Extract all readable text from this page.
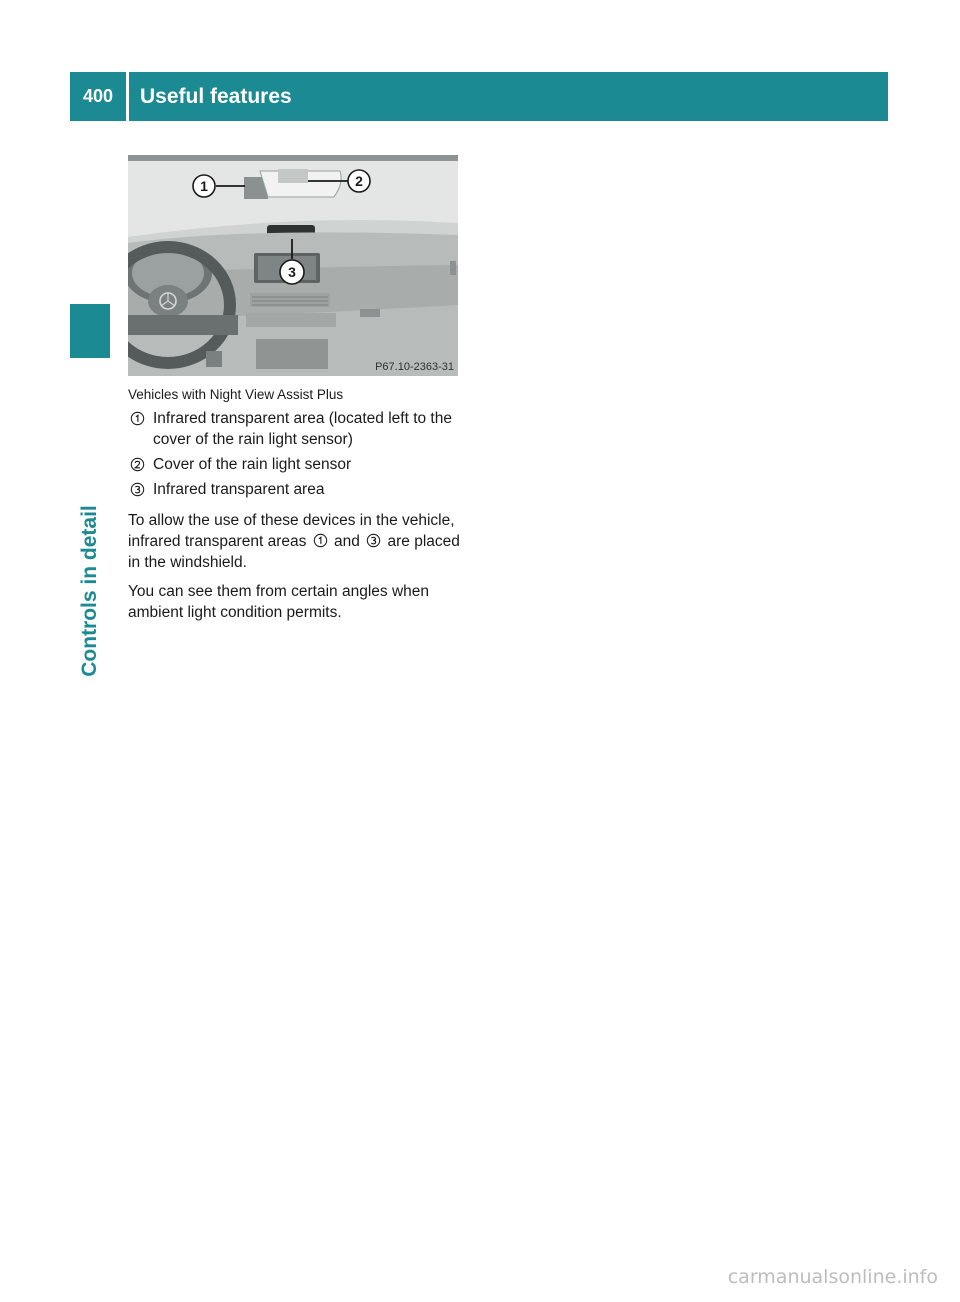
400	Useful features
Controls in detail
1	2
3
P67.10-2363-31
Vehicles with Night View Assist Plus
Infrared transparent area (located left to the cover of the rain light sensor)
Cover of the rain light sensor
Infrared transparent area
To allow the use of these devices in the vehicle, infrared transparent areas and are placed in the windshield.
You can see them from certain angles when ambient light condition permits.
carmanualsonline.info
